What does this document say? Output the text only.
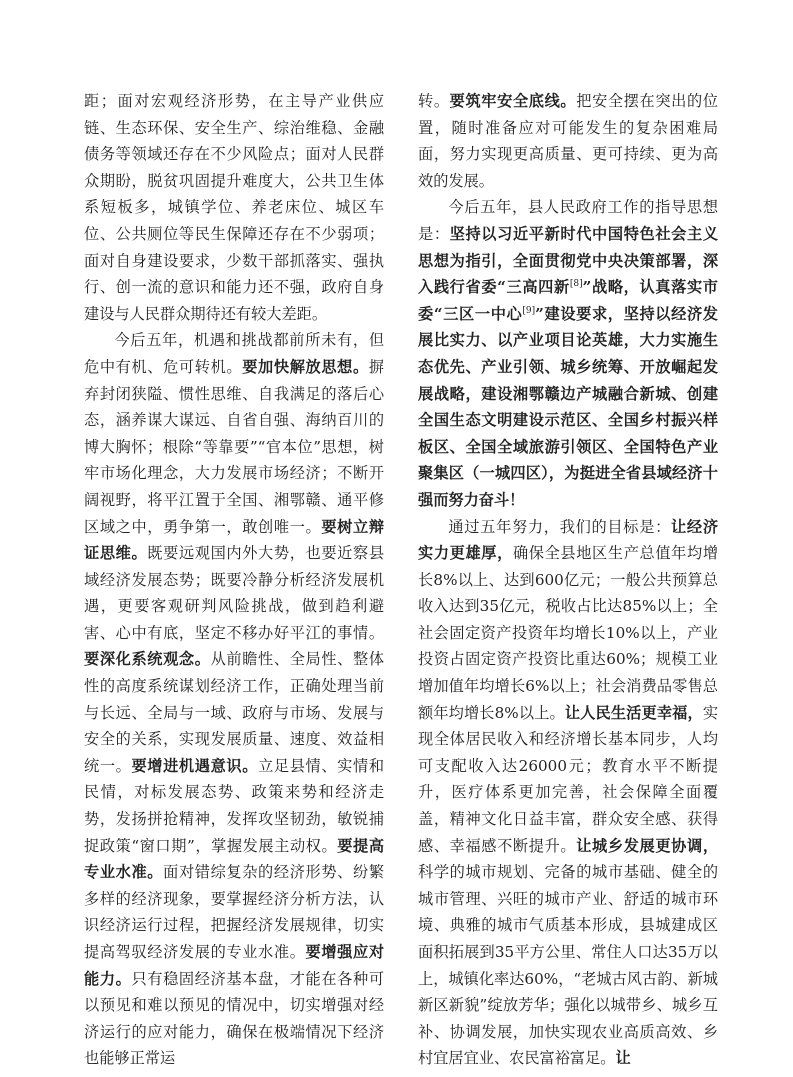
距；面对宏观经济形势，在主导产业供应链、生态环保、安全生产、综治维稳、金融债务等领域还存在不少风险点；面对人民群众期盼，脱贫巩固提升难度大，公共卫生体系短板多，城镇学位、养老床位、城区车位、公共厕位等民生保障还存在不少弱项；面对自身建设要求，少数干部抓落实、强执行、创一流的意识和能力还不强，政府自身建设与人民群众期待还有较大差距。

今后五年，机遇和挑战都前所未有，但危中有机、危可转机。要加快解放思想。摒弃封闭狭隘、惯性思维、自我满足的落后心态，涵养谋大谋远、自省自强、海纳百川的博大胸怀；根除“等靠要”“官本位”思想，树牢市场化理念，大力发展市场经济；不断开阔视野，将平江置于全国、湘鄂赣、通平修区域之中，勇争第一，敢创唯一。要树立辩证思维。既要远观国内外大势，也要近察县域经济发展态势；既要冷静分析经济发展机遇，更要客观研判风险挑战，做到趋利避害、心中有底，坚定不移办好平江的事情。要深化系统观念。从前瞻性、全局性、整体性的高度系统谋划经济工作，正确处理当前与长远、全局与一域、政府与市场、发展与安全的关系，实现发展质量、速度、效益相统一。要增进机遇意识。立足县情、实情和民情，对标发展态势、政策来势和经济走势，发扬拼抢精神，发挥攻坚韧劲，敏锐捕捉政策“窗口期”，掌握发展主动权。要提高专业水准。面对错综复杂的经济形势、纷繁多样的经济现象，要掌握经济分析方法，认识经济运行过程，把握经济发展规律，切实提高驾驭经济发展的专业水准。要增强应对能力。只有稳固经济基本盘，才能在各种可以预见和难以预见的情况中，切实增强对经济运行的应对能力，确保在极端情况下经济也能够正常运

转。要筑牢安全底线。把安全摆在突出的位置，随时准备应对可能发生的复杂困难局面，努力实现更高质量、更可持续、更为高效的发展。

今后五年，县人民政府工作的指导思想是：坚持以习近平新时代中国特色社会主义思想为指引，全面贯彻党中央决策部署，深入践行省委“三高四新[8]”战略，认真落实市委“三区一中心[9]”建设要求，坚持以经济发展比实力、以产业项目论英雄，大力实施生态优先、产业引领、城乡统筹、开放崛起发展战略，建设湘鄂赣边产城融合新城、创建全国生态文明建设示范区、全国乡村振兴样板区、全国全域旅游引领区、全国特色产业聚集区（一城四区），为挺进全省县域经济十强而努力奋斗！

通过五年努力，我们的目标是：让经济实力更雄厚，确保全县地区生产总值年均增长8%以上、达到600亿元；一般公共预算总收入达到35亿元，税收占比达85%以上；全社会固定资产投资年均增长10%以上，产业投资占固定资产投资比重达60%；规模工业增加值年均增长6%以上；社会消费品零售总额年均增长8%以上。让人民生活更幸福，实现全体居民收入和经济增长基本同步，人均可支配收入达26000元；教育水平不断提升，医疗体系更加完善，社会保障全面覆盖，精神文化日益丰富，群众安全感、获得感、幸福感不断提升。让城乡发展更协调，科学的城市规划、完备的城市基础、健全的城市管理、兴旺的城市产业、舒适的城市环境、典雅的城市气质基本形成，县城建成区面积拓展到35平方公里、常住人口达35万以上，城镇化率达60%，“老城古风古韵、新城新区新貌”绽放芳华；强化以城带乡、城乡互补、协调发展，加快实现农业高质高效、乡村宜居宜业、农民富裕富足。让
